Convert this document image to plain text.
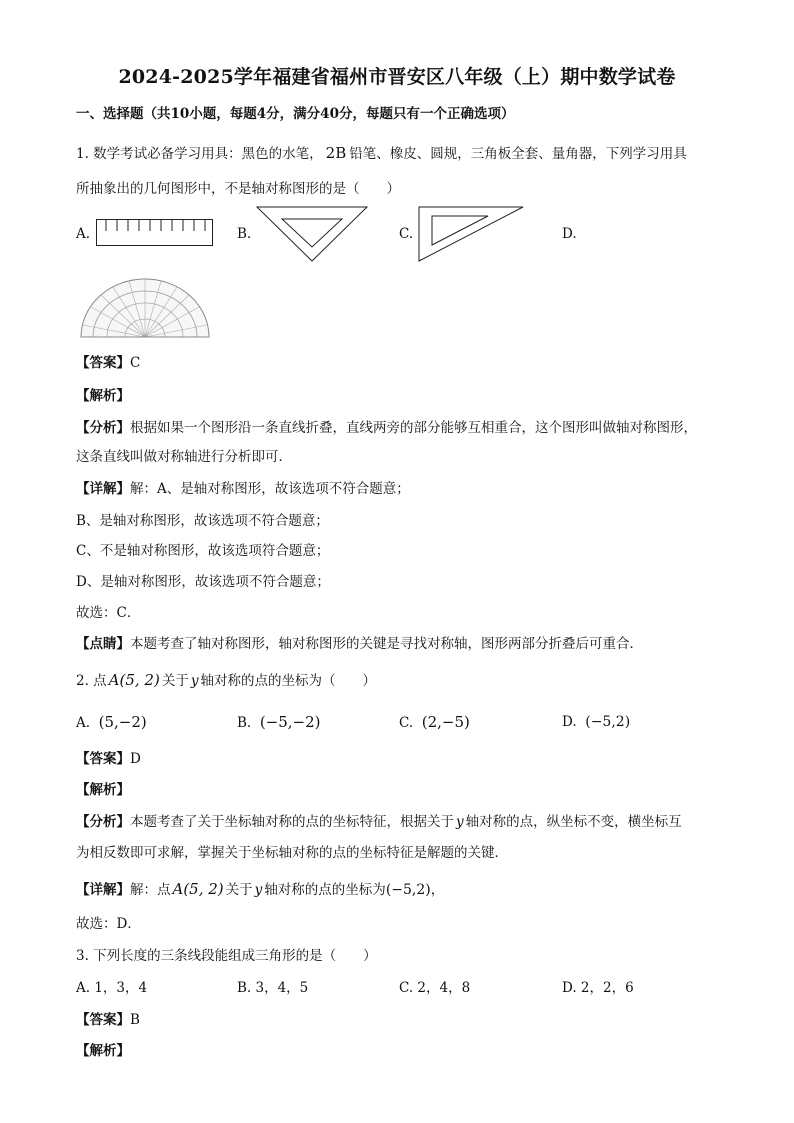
2024-2025学年福建省福州市晋安区八年级（上）期中数学试卷
一、选择题（共10小题，每题4分，满分40分，每题只有一个正确选项）
1. 数学考试必备学习用具：黑色的水笔， 2B 铅笔、橡皮、圆规，三角板全套、量角器，下列学习用具
所抽象出的几何图形中，不是轴对称图形的是（　　）
A.	B.	C.	D.
【答案】C
【解析】
【分析】根据如果一个图形沿一条直线折叠，直线两旁的部分能够互相重合，这个图形叫做轴对称图形，
这条直线叫做对称轴进行分析即可．
【详解】解：A、是轴对称图形，故该选项不符合题意；
B、是轴对称图形，故该选项不符合题意；
C、不是轴对称图形，故该选项符合题意；
D、是轴对称图形，故该选项不符合题意；
故选：C．
【点睛】本题考查了轴对称图形，轴对称图形的关键是寻找对称轴，图形两部分折叠后可重合．
2. 点 A(5, 2) 关于 y 轴对称的点的坐标为（　　）
A. (5,−2)	B. (−5,−2)	C. (2,−5)	D. (−5,2)
【答案】D
【解析】
【分析】本题考查了关于坐标轴对称的点的坐标特征，根据关于 y 轴对称的点，纵坐标不变，横坐标互
为相反数即可求解，掌握关于坐标轴对称的点的坐标特征是解题的关键．
【详解】解：点 A(5, 2) 关于 y 轴对称的点的坐标为(−5,2)，
故选：D．
3. 下列长度的三条线段能组成三角形的是（　　）
A. 1，3，4	B. 3，4，5	C. 2，4，8	D. 2，2，6
【答案】B
【解析】
